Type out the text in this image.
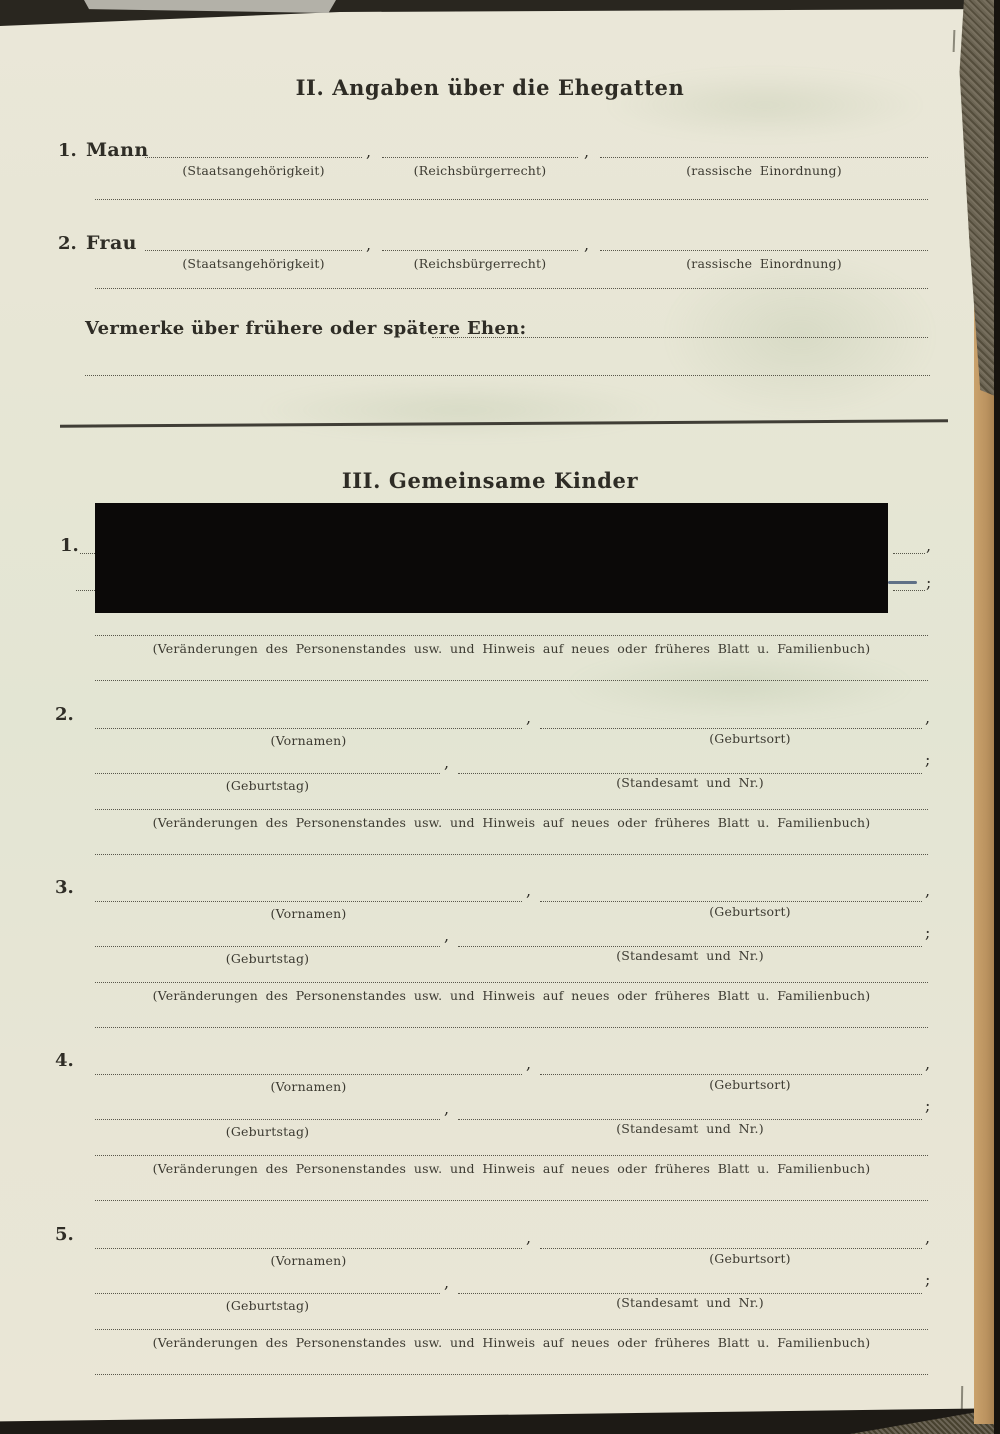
II. Angaben über die Ehegatten
1. Mann	,	,
(Staatsangehörigkeit)	(Reichsbürgerrecht)	(rassische Einordnung)
2. Frau	,	,
(Staatsangehörigkeit)	(Reichsbürgerrecht)	(rassische Einordnung)
Vermerke über frühere oder spätere Ehen:
III. Gemeinsame Kinder
1.	,
;
(Veränderungen des Personenstandes usw. und Hinweis auf neues oder früheres Blatt u. Familienbuch)
2.	,	,
(Vornamen)	(Geburtsort)
,	;
(Geburtstag)	(Standesamt und Nr.)
(Veränderungen des Personenstandes usw. und Hinweis auf neues oder früheres Blatt u. Familienbuch)
3.	,	,
(Vornamen)	(Geburtsort)
,	;
(Geburtstag)	(Standesamt und Nr.)
(Veränderungen des Personenstandes usw. und Hinweis auf neues oder früheres Blatt u. Familienbuch)
4.	,	,
(Vornamen)	(Geburtsort)
,	;
(Geburtstag)	(Standesamt und Nr.)
(Veränderungen des Personenstandes usw. und Hinweis auf neues oder früheres Blatt u. Familienbuch)
5.	,	,
(Vornamen)	(Geburtsort)
,	;
(Geburtstag)	(Standesamt und Nr.)
(Veränderungen des Personenstandes usw. und Hinweis auf neues oder früheres Blatt u. Familienbuch)
